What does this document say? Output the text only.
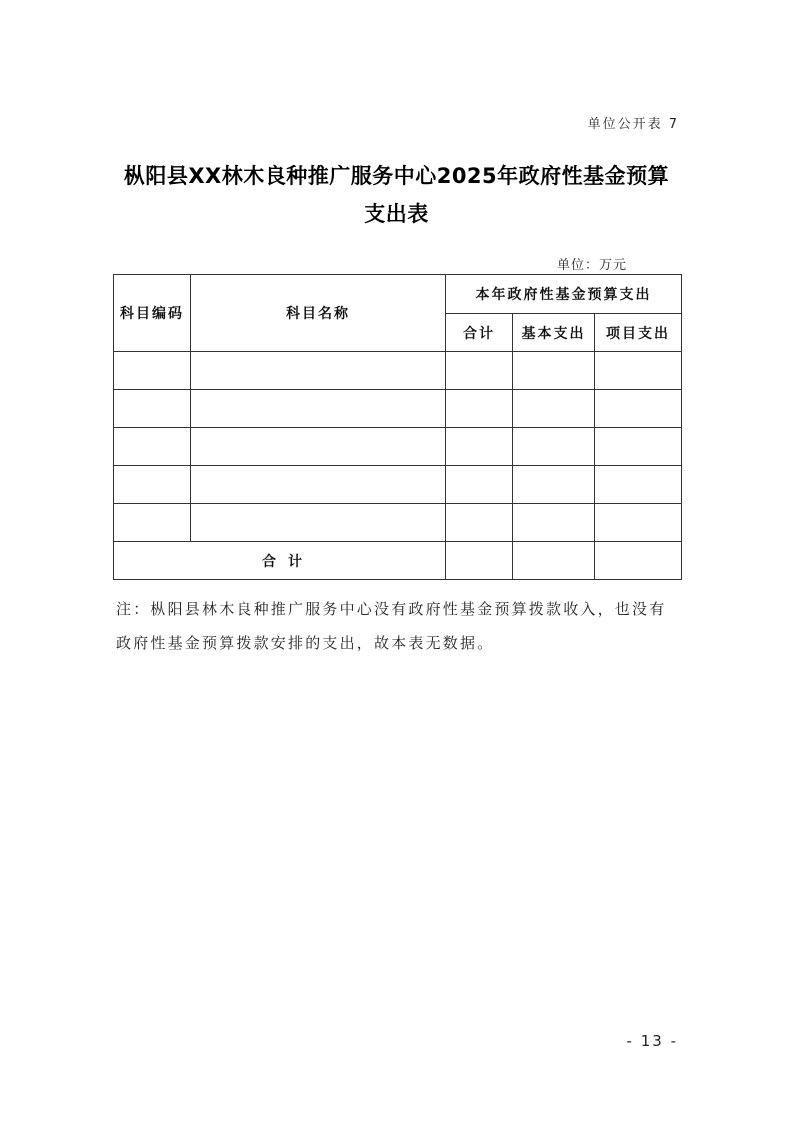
单位公开表 7
枞阳县XX林木良种推广服务中心2025年政府性基金预算
支出表
单位：万元
科目编码	科目名称	本年政府性基金预算支出		
		合计	基本支出	项目支出

合计				
注：枞阳县林木良种推广服务中心没有政府性基金预算拨款收入，也没有政府性基金预算拨款安排的支出，故本表无数据。
- 13 -
